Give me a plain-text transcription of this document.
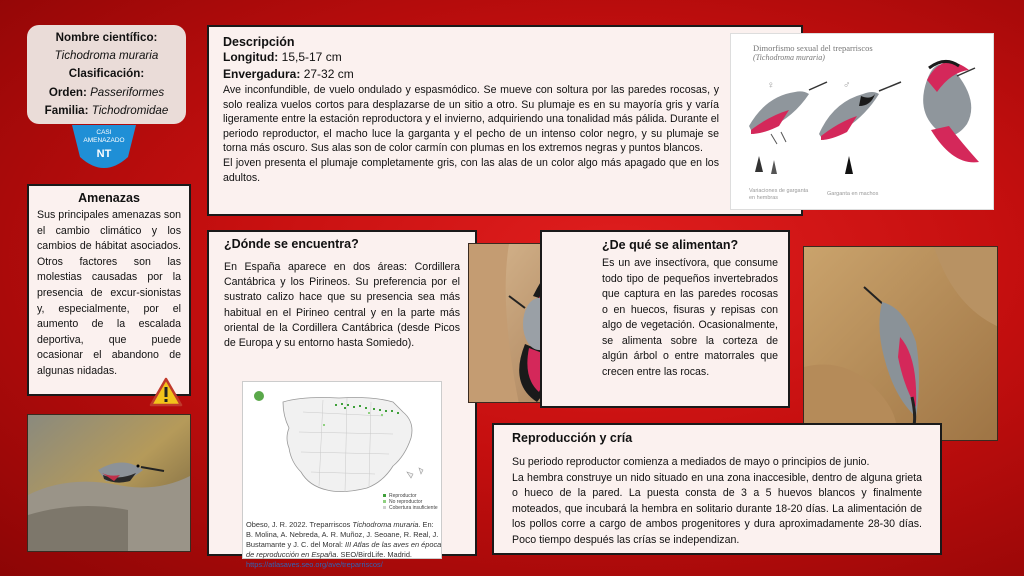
Nombre científico:
Tichodroma muraria
Clasificación:
Orden: Passeriformes
Familia: Tichodromidae
CASI
AMENAZADO
NT
Amenazas

Sus principales amenazas son el cambio climático y los cambios de hábitat asociados. Otros factores son las molestias causadas por la presencia de excur-sionistas y, especialmente, por el aumento de la escalada deportiva, que puede ocasionar el abandono de algunas nidadas.

Descripción
Longitud: 15,5-17 cm
Envergadura: 27-32 cm

Ave inconfundible, de vuelo ondulado y espasmódico. Se mueve con soltura por las paredes rocosas, y solo realiza vuelos cortos para desplazarse de un sitio a otro. Su plumaje es en su mayoría gris y varía ligeramente entre la estación reproductora y el invierno, adquiriendo una tonalidad más pálida. Durante el periodo reproductor, el macho luce la garganta y el pecho de un intenso color negro, y su plumaje se torna más oscuro. Sus alas son de color carmín con plumas en los extremos negras y puntos blancos.

El joven presenta el plumaje completamente gris, con las alas de un color algo más apagado que en los adultos.

Dimorfismo sexual del treparriscos
(Tichodroma muraria)
♀	♂
Variaciones de garganta en hembras
Garganta en machos
¿Dónde se encuentra?

En España aparece en dos áreas: Cordillera Cantábrica y los Pirineos. Su preferencia por el sustrato calizo hace que su presencia sea más habitual en el Pirineo central y en la parte más oriental de la Cordillera Cantábrica (desde Picos de Europa y su entorno hasta Somiedo).

Reproductor
No reproductor
Cobertura insuficiente
Obeso, J. R. 2022. Treparriscos Tichodroma muraria. En: B. Molina, A. Nebreda, A. R. Muñoz, J. Seoane, R. Real, J. Bustamante y J. C. del Moral: III Atlas de las aves en época de reproducción en España. SEO/BirdLife. Madrid. https://atlasaves.seo.org/ave/treparriscos/
¿De qué se alimentan?

Es un ave insectívora, que consume todo tipo de pequeños invertebrados que captura en las paredes rocosas o en huecos, fisuras y repisas con algo de vegetación. Ocasionalmente, se alimenta sobre la corteza de algún árbol o entre matorrales que crecen entre las rocas.

Reproducción y cría

Su periodo reproductor comienza a mediados de mayo o principios de junio.

La hembra construye un nido situado en una zona inaccesible, dentro de alguna grieta o hueco de la pared. La puesta consta de 3 a 5 huevos blancos y finalmente moteados, que incubará la hembra en solitario durante 18-20 días. La alimentación de los pollos corre a cargo de ambos progenitores y dura aproximadamente 28-30 días. Poco tiempo después las crías se independizan.
